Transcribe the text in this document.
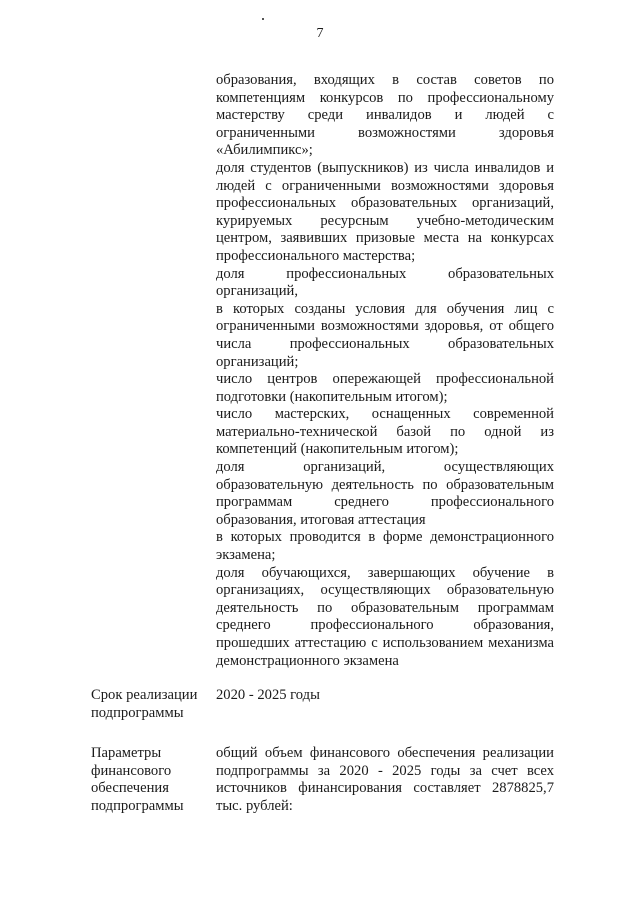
7

образования, входящих в состав советов по компетенциям конкурсов по профессиональному мастерству среди инвалидов и людей с ограниченными возможностями здоровья «Абилимпикс»;

доля студентов (выпускников) из числа инвалидов и людей с ограниченными возможностями здоровья профессиональных образовательных организаций, курируемых ресурсным учебно-методическим центром, заявивших призовые места на конкурсах профессионального мастерства;

доля профессиональных образовательных организаций,

в которых созданы условия для обучения лиц с ограниченными возможностями здоровья, от общего числа профессиональных образовательных организаций;

число центров опережающей профессиональной подготовки (накопительным итогом);

число мастерских, оснащенных современной материально-технической базой по одной из компетенций (накопительным итогом);

доля организаций, осуществляющих образовательную деятельность по образовательным программам среднего профессионального образования, итоговая аттестация

в которых проводится в форме демонстрационного экзамена;

доля обучающихся, завершающих обучение в организациях, осуществляющих образовательную деятельность по образовательным программам среднего профессионального образования, прошедших аттестацию с использованием механизма демонстрационного экзамена

Срок реализации подпрограммы

2020 - 2025 годы

Параметры финансового обеспечения подпрограммы

общий объем финансового обеспечения реализации подпрограммы за 2020 - 2025 годы за счет всех источников финансирования составляет 2878825,7 тыс. рублей:
